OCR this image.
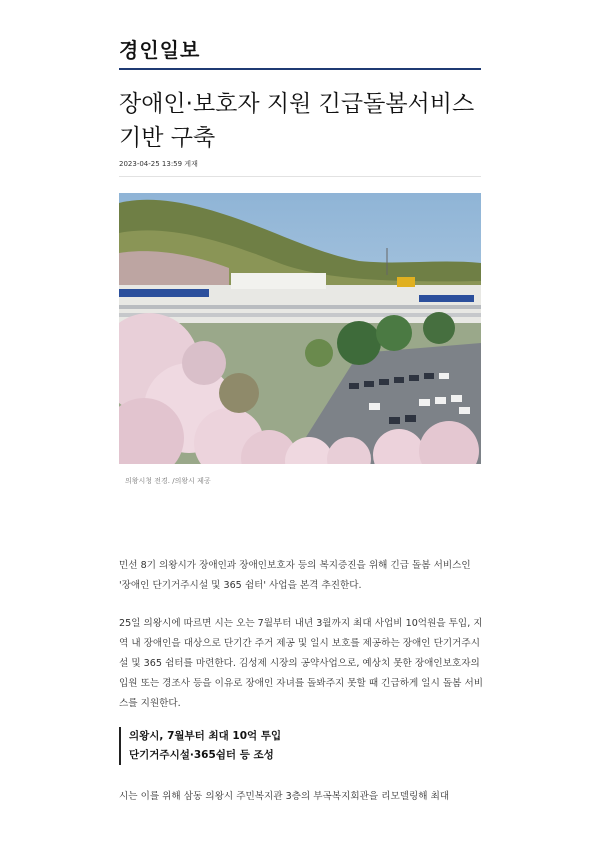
경인일보
장애인·보호자 지원 긴급돌봄서비스 기반 구축
2023-04-25 13:59 게재
의왕시청 전경. /의왕시 제공

민선 8기 의왕시가 장애인과 장애인보호자 등의 복지증진을 위해 긴급 돌봄 서비스인 '장애인 단기거주시설 및 365 쉼터' 사업을 본격 추진한다.

25일 의왕시에 따르면 시는 오는 7월부터 내년 3월까지 최대 사업비 10억원을 투입, 지역 내 장애인을 대상으로 단기간 주거 제공 및 일시 보호를 제공하는 장애인 단기거주시설 및 365 쉼터를 마련한다. 김성제 시장의 공약사업으로, 예상치 못한 장애인보호자의 입원 또는 경조사 등을 이유로 장애인 자녀를 돌봐주지 못할 때 긴급하게 일시 돌봄 서비스를 지원한다.

의왕시, 7월부터 최대 10억 투입
단기거주시설·365쉼터 등 조성

시는 이를 위해 삼동 의왕시 주민복지관 3층의 부곡복지회관을 리모델링해 최대
